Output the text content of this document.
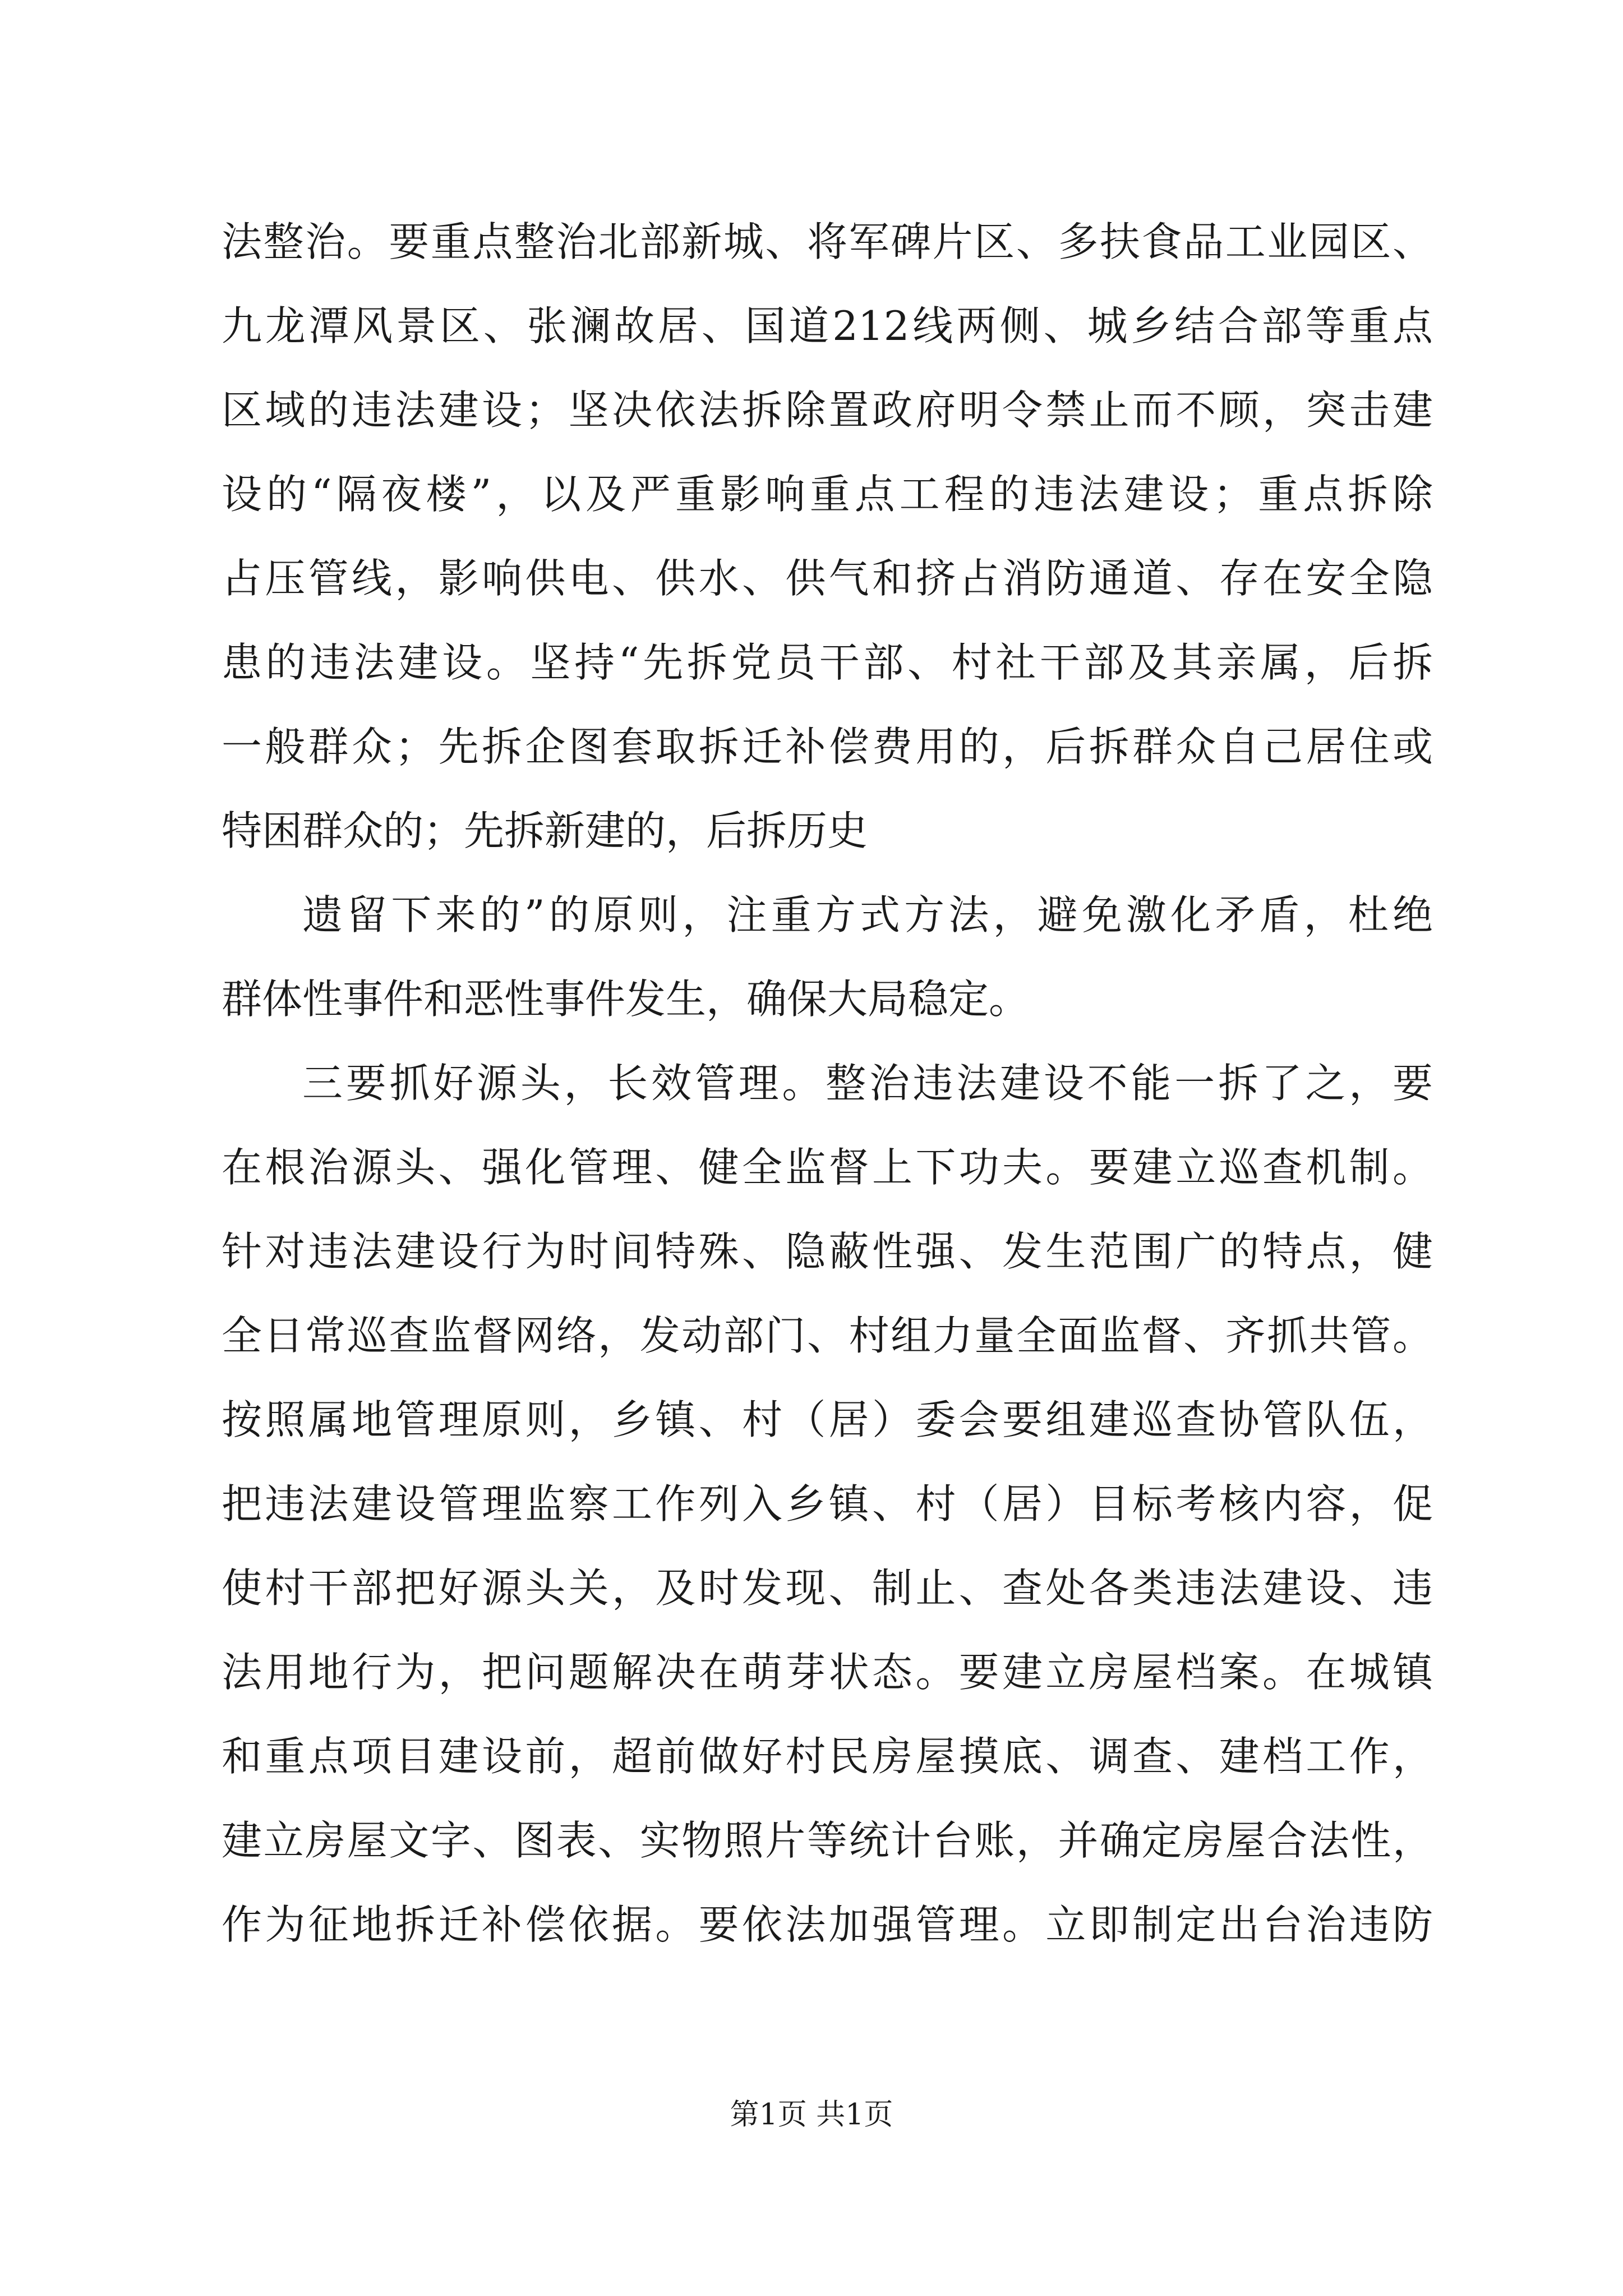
法整治。要重点整治北部新城、将军碑片区、多扶食品工业园区、
九龙潭风景区、张澜故居、国道212线两侧、城乡结合部等重点
区域的违法建设；坚决依法拆除置政府明令禁止而不顾，突击建
设的“隔夜楼”，以及严重影响重点工程的违法建设；重点拆除
占压管线，影响供电、供水、供气和挤占消防通道、存在安全隐
患的违法建设。坚持“先拆党员干部、村社干部及其亲属，后拆
一般群众；先拆企图套取拆迁补偿费用的，后拆群众自己居住或
特困群众的；先拆新建的，后拆历史
遗留下来的”的原则，注重方式方法，避免激化矛盾，杜绝
群体性事件和恶性事件发生，确保大局稳定。
三要抓好源头，长效管理。整治违法建设不能一拆了之，要
在根治源头、强化管理、健全监督上下功夫。要建立巡查机制。
针对违法建设行为时间特殊、隐蔽性强、发生范围广的特点，健
全日常巡查监督网络，发动部门、村组力量全面监督、齐抓共管。
按照属地管理原则，乡镇、村（居）委会要组建巡查协管队伍，
把违法建设管理监察工作列入乡镇、村（居）目标考核内容，促
使村干部把好源头关，及时发现、制止、查处各类违法建设、违
法用地行为，把问题解决在萌芽状态。要建立房屋档案。在城镇
和重点项目建设前，超前做好村民房屋摸底、调查、建档工作，
建立房屋文字、图表、实物照片等统计台账，并确定房屋合法性，
作为征地拆迁补偿依据。要依法加强管理。立即制定出台治违防
第1页 共1页
